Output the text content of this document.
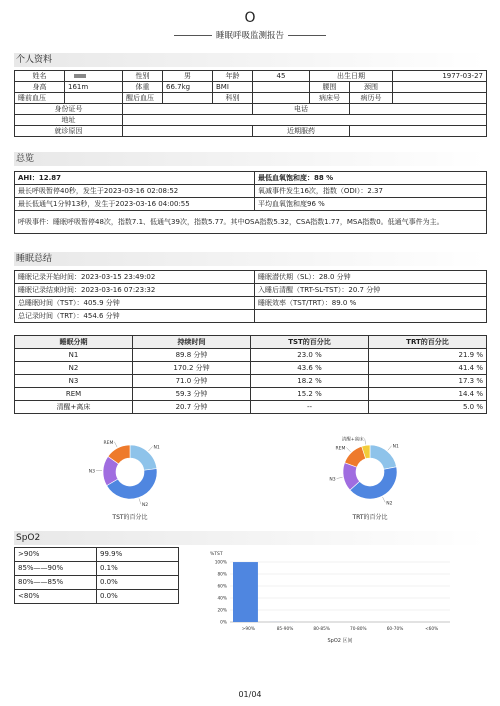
O
睡眠呼吸监测报告
个人资料
姓名		性别	男	年龄	45	出生日期		1977-03-27
身高	161m	体重	66.7kg	BMI		腰围	颈围	
睡前血压		醒后血压		科别		病床号	病历号	
身份证号					电话			
地址								
就诊原因					近期服药			
总览
AHI：12.87	最低血氧饱和度：88 %
最长呼吸暂停40秒，发生于2023-03-16 02:08:52	氧减事件发生16次，指数（ODI）：2.37
最长低通气1分钟13秒，发生于2023-03-16 04:00:55	平均血氧饱和度96 %
呼吸事件：睡眠呼吸暂停48次，指数7.1、低通气39次，指数5.77。其中OSA指数5.32，CSA指数1.77，MSA指数0。低通气事件为主。	
睡眠总结
睡眠记录开始时间：2023-03-15 23:49:02	睡眠潜伏期（SL）：28.0 分钟
睡眠记录结束时间：2023-03-16 07:23:32	入睡后清醒（TRT-SL-TST）：20.7 分钟
总睡眠时间（TST）：405.9 分钟	睡眠效率（TST/TRT）：89.0 %
总记录时间（TRT）：454.6 分钟	
睡眠分期	持续时间	TST的百分比	TRT的百分比
N1	89.8 分钟	23.0 %	21.9 %
N2	170.2 分钟	43.6 %	41.4 %
N3	71.0 分钟	18.2 %	17.3 %
REM	59.3 分钟	15.2 %	14.4 %
清醒+离床	20.7 分钟	--	5.0 %
N1
N2
N3
REM
TST的百分比
N1
N2
N3
REM
清醒+离床
TRT的百分比
SpO2
>90%	99.9%
85%——90%	0.1%
80%——85%	0.0%
<80%	0.0%
%TST
100%
80%
60%
40%
20%
0%
>90%	85-90%	80-85%	70-80%	60-70%	<60%
SpO2 区间
01/04
